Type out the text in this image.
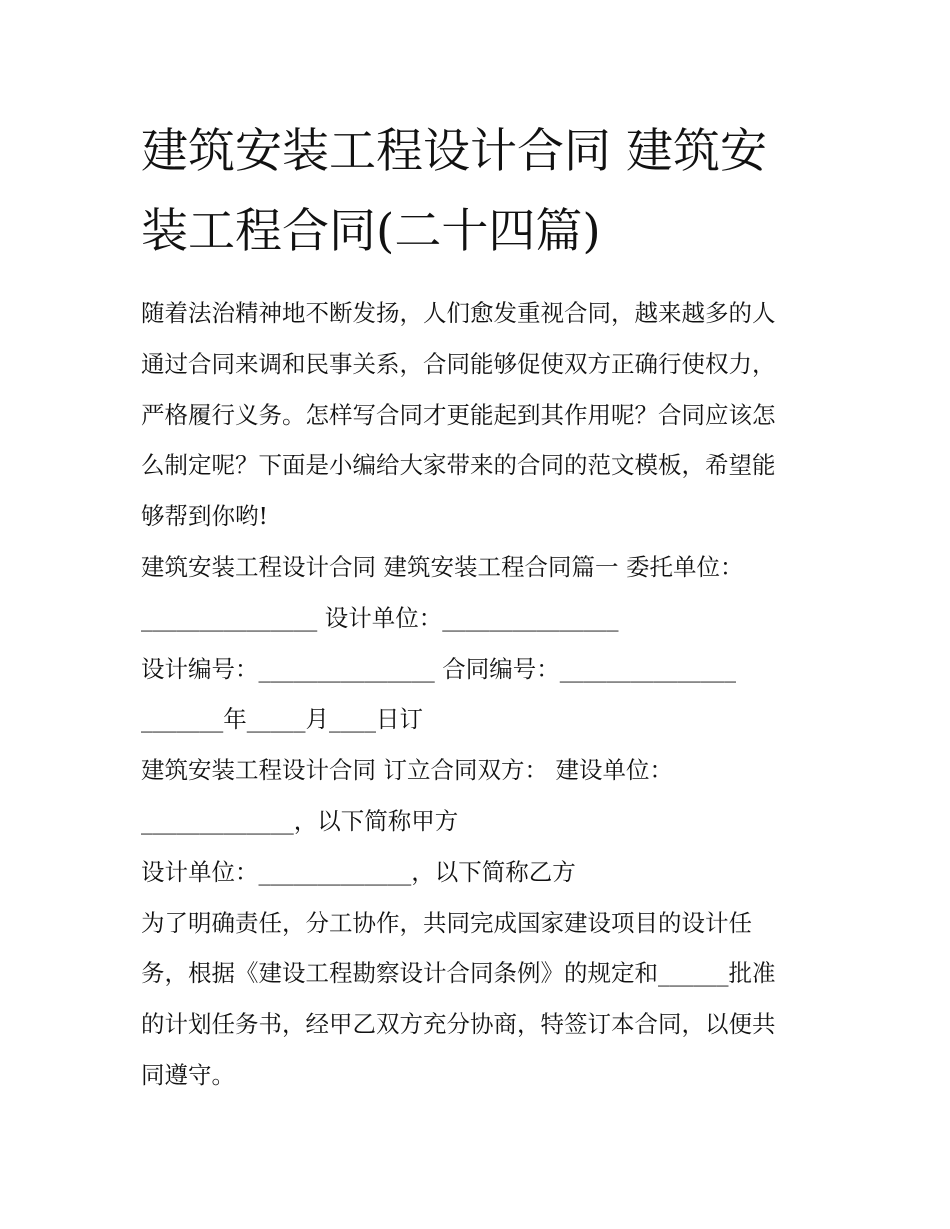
建筑安装工程设计合同 建筑安
装工程合同(二十四篇)

随着法治精神地不断发扬，人们愈发重视合同，越来越多的人

通过合同来调和民事关系，合同能够促使双方正确行使权力，

严格履行义务。怎样写合同才更能起到其作用呢？合同应该怎

么制定呢？下面是小编给大家带来的合同的范文模板，希望能

够帮到你哟!

建筑安装工程设计合同 建筑安装工程合同篇一 委托单位：

_______________ 设计单位：_______________

设计编号：_______________ 合同编号：_______________

_______年_____月____日订

建筑安装工程设计合同 订立合同双方： 建设单位：

_____________，以下简称甲方

设计单位：_____________，以下简称乙方

为了明确责任，分工协作，共同完成国家建设项目的设计任

务，根据《建设工程勘察设计合同条例》的规定和______批准

的计划任务书，经甲乙双方充分协商，特签订本合同，以便共

同遵守。
